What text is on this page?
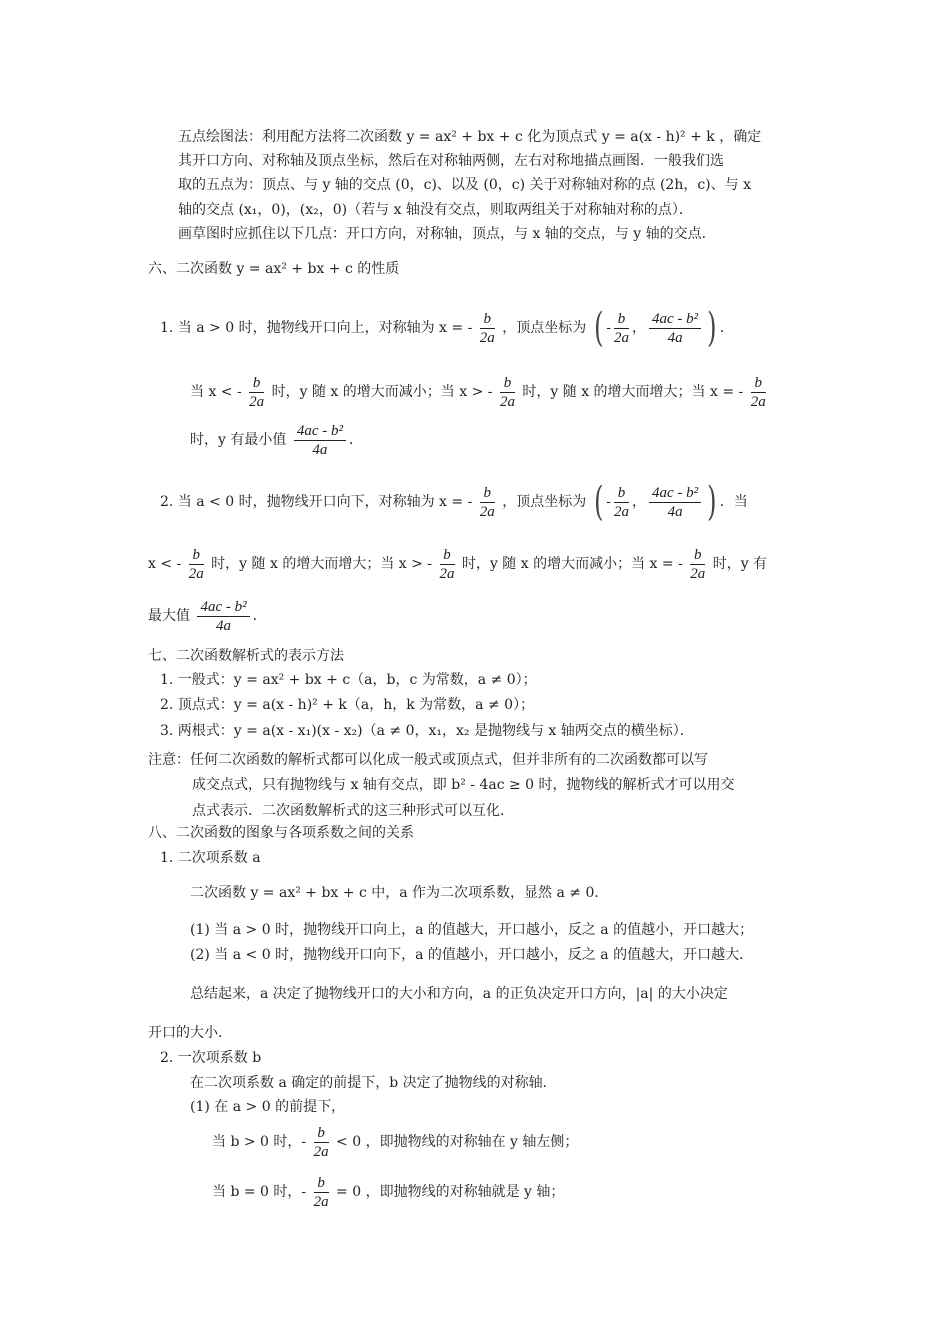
五点绘图法：利用配方法将二次函数 y = ax² + bx + c 化为顶点式 y = a(x - h)² + k ，确定
其开口方向、对称轴及顶点坐标，然后在对称轴两侧，左右对称地描点画图．一般我们选
取的五点为：顶点、与 y 轴的交点 (0，c)、以及 (0，c) 关于对称轴对称的点 (2h，c)、与 x
轴的交点 (x₁，0)，(x₂，0)（若与 x 轴没有交点，则取两组关于对称轴对称的点）．
画草图时应抓住以下几点：开口方向，对称轴，顶点，与 x 轴的交点，与 y 轴的交点．
六、二次函数 y = ax² + bx + c 的性质
1. 当 a > 0 时，抛物线开口向上，对称轴为 x = - $\frac{b}{2a}$ ，顶点坐标为 ( - $\frac{b}{2a}$ ， $\frac{\text{4ac - b²}}{4a}$ ) ．
当 x < - $\frac{b}{2a}$ 时，y 随 x 的增大而减小；当 x > - $\frac{b}{2a}$ 时，y 随 x 的增大而增大；当 x = - $\frac{b}{2a}$
时，y 有最小值 $\frac{\text{4ac - b²}}{4a}$ ．
2. 当 a < 0 时，抛物线开口向下，对称轴为 x = - $\frac{b}{2a}$ ，顶点坐标为 ( - $\frac{b}{2a}$ ， $\frac{\text{4ac - b²}}{4a}$ ) ．当
x < - $\frac{b}{2a}$ 时，y 随 x 的增大而增大；当 x > - $\frac{b}{2a}$ 时，y 随 x 的增大而减小；当 x = - $\frac{b}{2a}$ 时，y 有
最大值 $\frac{\text{4ac - b²}}{4a}$ ．
七、二次函数解析式的表示方法
1. 一般式：y = ax² + bx + c（a，b，c 为常数，a ≠ 0）；
2. 顶点式：y = a(x - h)² + k（a，h，k 为常数，a ≠ 0）；
3. 两根式：y = a(x - x₁)(x - x₂)（a ≠ 0，x₁，x₂ 是抛物线与 x 轴两交点的横坐标）．
注意：任何二次函数的解析式都可以化成一般式或顶点式，但并非所有的二次函数都可以写
成交点式，只有抛物线与 x 轴有交点，即 b² - 4ac ≥ 0 时，抛物线的解析式才可以用交
点式表示．二次函数解析式的这三种形式可以互化．
八、二次函数的图象与各项系数之间的关系
1. 二次项系数 a
二次函数 y = ax² + bx + c 中，a 作为二次项系数，显然 a ≠ 0．
(1) 当 a > 0 时，抛物线开口向上，a 的值越大，开口越小，反之 a 的值越小，开口越大；
(2) 当 a < 0 时，抛物线开口向下，a 的值越小，开口越小，反之 a 的值越大，开口越大．
总结起来，a 决定了抛物线开口的大小和方向，a 的正负决定开口方向，|a| 的大小决定
开口的大小．
2. 一次项系数 b
在二次项系数 a 确定的前提下，b 决定了抛物线的对称轴．
(1) 在 a > 0 的前提下，
当 b > 0 时，- $\frac{b}{2a} < 0$ ，即抛物线的对称轴在 y 轴左侧；
当 b = 0 时，- $\frac{b}{2a} = 0$ ，即抛物线的对称轴就是 y 轴；
